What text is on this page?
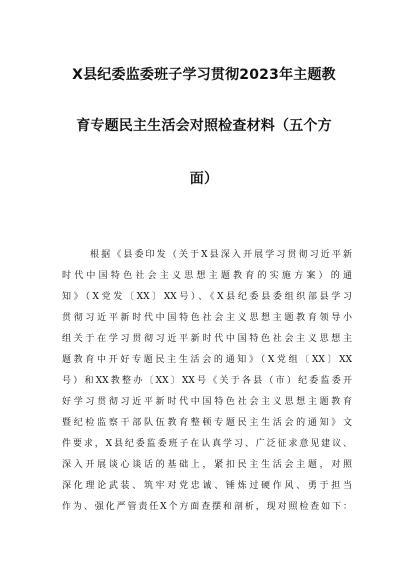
X县纪委监委班子学习贯彻2023年主题教
育专题民主生活会对照检查材料（五个方
面）
根据《县委印发（关于X县深入开展学习贯彻习近平新
时代中国特色社会主义思想主题教育的实施方案）的通
知》（X党发〔XX〕XX号）、《X县纪委县委组织部县学习
贯彻习近平新时代中国特色社会主义思想主题教育领导小
组关于在学习贯彻习近平新时代中国特色社会主义思想主
题教育中开好专题民主生活会的通知》（X党组〔XX〕XX
号）和XX教整办〔XX〕XX号《关于各县（市）纪委监委开
好学习贯彻习近平新时代中国特色社会主义思想主题教育
暨纪检监察干部队伍教育整顿专题民主生活会的通知》文
件要求，X县纪委监委班子在认真学习、广泛征求意见建议、
深入开展谈心谈话的基础上，紧扣民主生活会主题，对照
深化理论武装、筑牢对党忠诚、锤炼过硬作风、勇于担当
作为、强化严管责任X个方面查摆和剖析，现对照检查如下：
